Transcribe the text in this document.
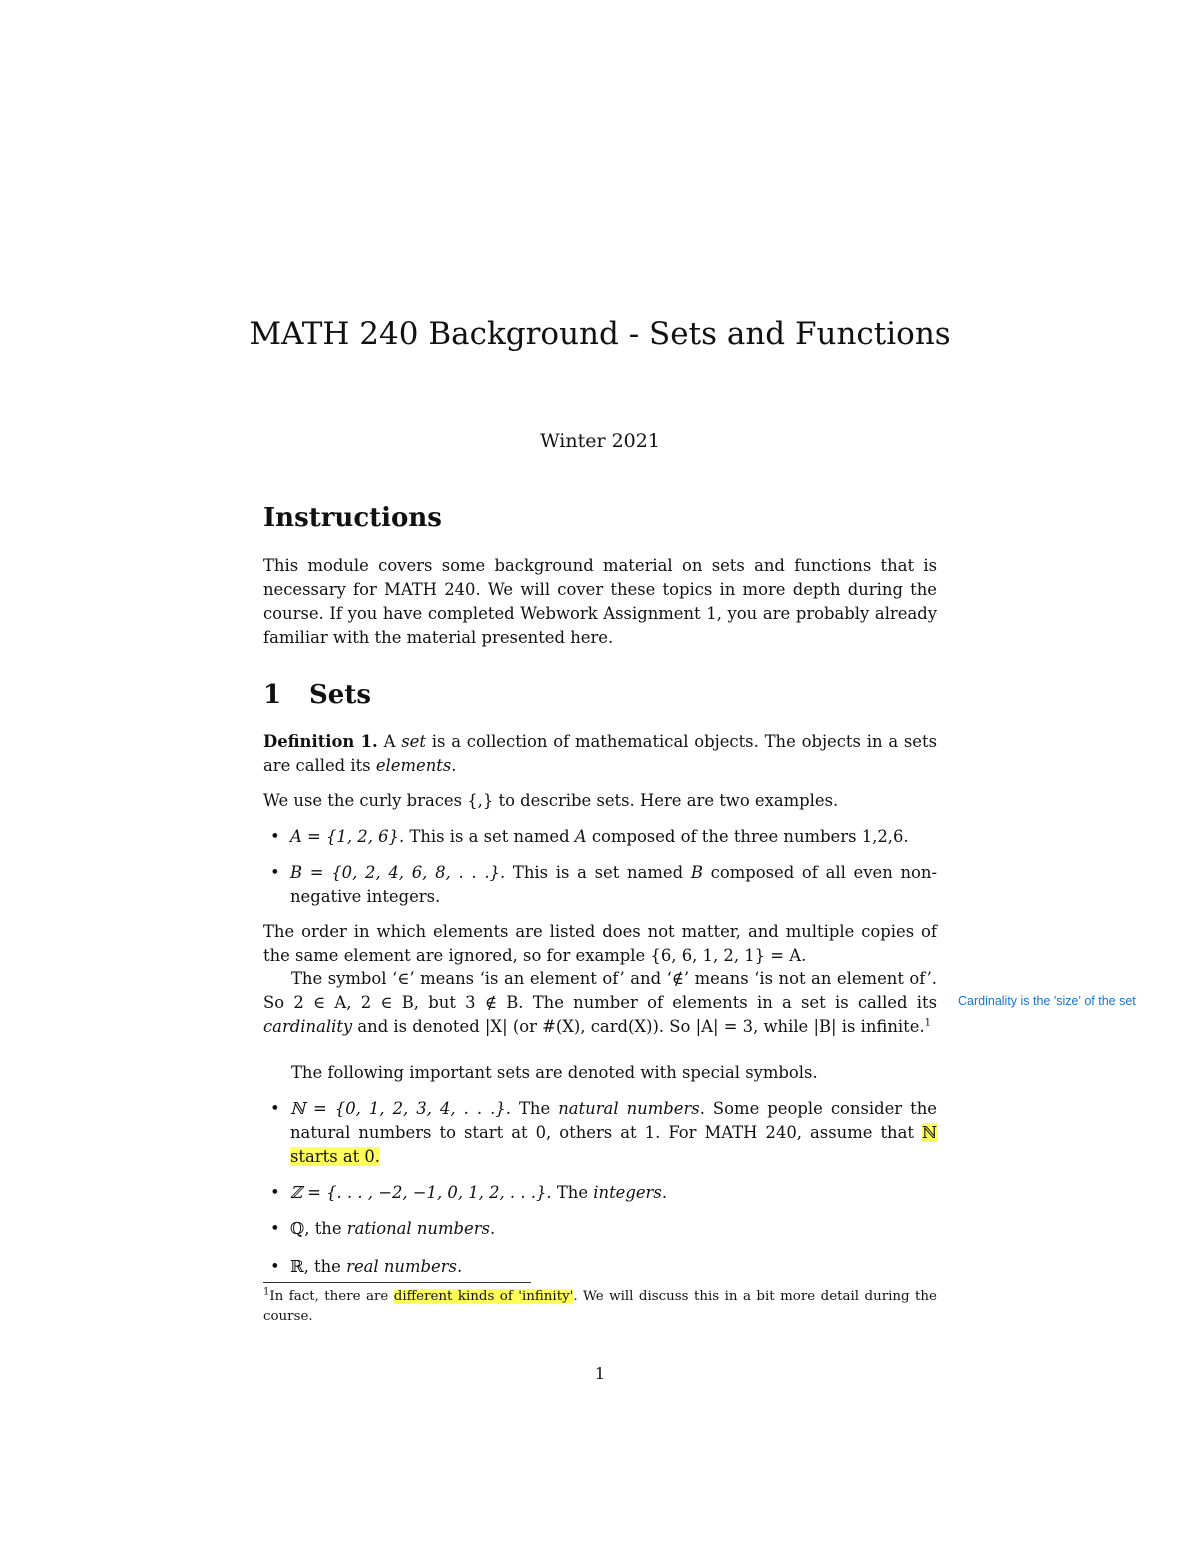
MATH 240 Background - Sets and Functions
Winter 2021
Instructions
This module covers some background material on sets and functions that is necessary for MATH 240. We will cover these topics in more depth during the course. If you have completed Webwork Assignment 1, you are probably already familiar with the material presented here.
1 Sets
Definition 1. A set is a collection of mathematical objects. The objects in a sets are called its elements.
We use the curly braces {,} to describe sets. Here are two examples.
• A = {1, 2, 6}. This is a set named A composed of the three numbers 1,2,6.
• B = {0, 2, 4, 6, 8, . . .}. This is a set named B composed of all even non-negative integers.
The order in which elements are listed does not matter, and multiple copies of the same element are ignored, so for example {6, 6, 1, 2, 1} = A.
The symbol ‘∈’ means ‘is an element of’ and ‘∉’ means ‘is not an element of’. So 2 ∈ A, 2 ∈ B, but 3 ∉ B. The number of elements in a set is called its cardinality and is denoted |X| (or #(X), card(X)). So |A| = 3, while |B| is infinite.$^1$
Cardinality is the 'size' of the set
The following important sets are denoted with special symbols.
• ℕ = {0, 1, 2, 3, 4, . . .}. The natural numbers. Some people consider the natural numbers to start at 0, others at 1. For MATH 240, assume that ℕ starts at 0.
• ℤ = {. . . , −2, −1, 0, 1, 2, . . .}. The integers.
• ℚ, the rational numbers.
• ℝ, the real numbers.
$^1$In fact, there are different kinds of 'infinity'. We will discuss this in a bit more detail during the course.
1
